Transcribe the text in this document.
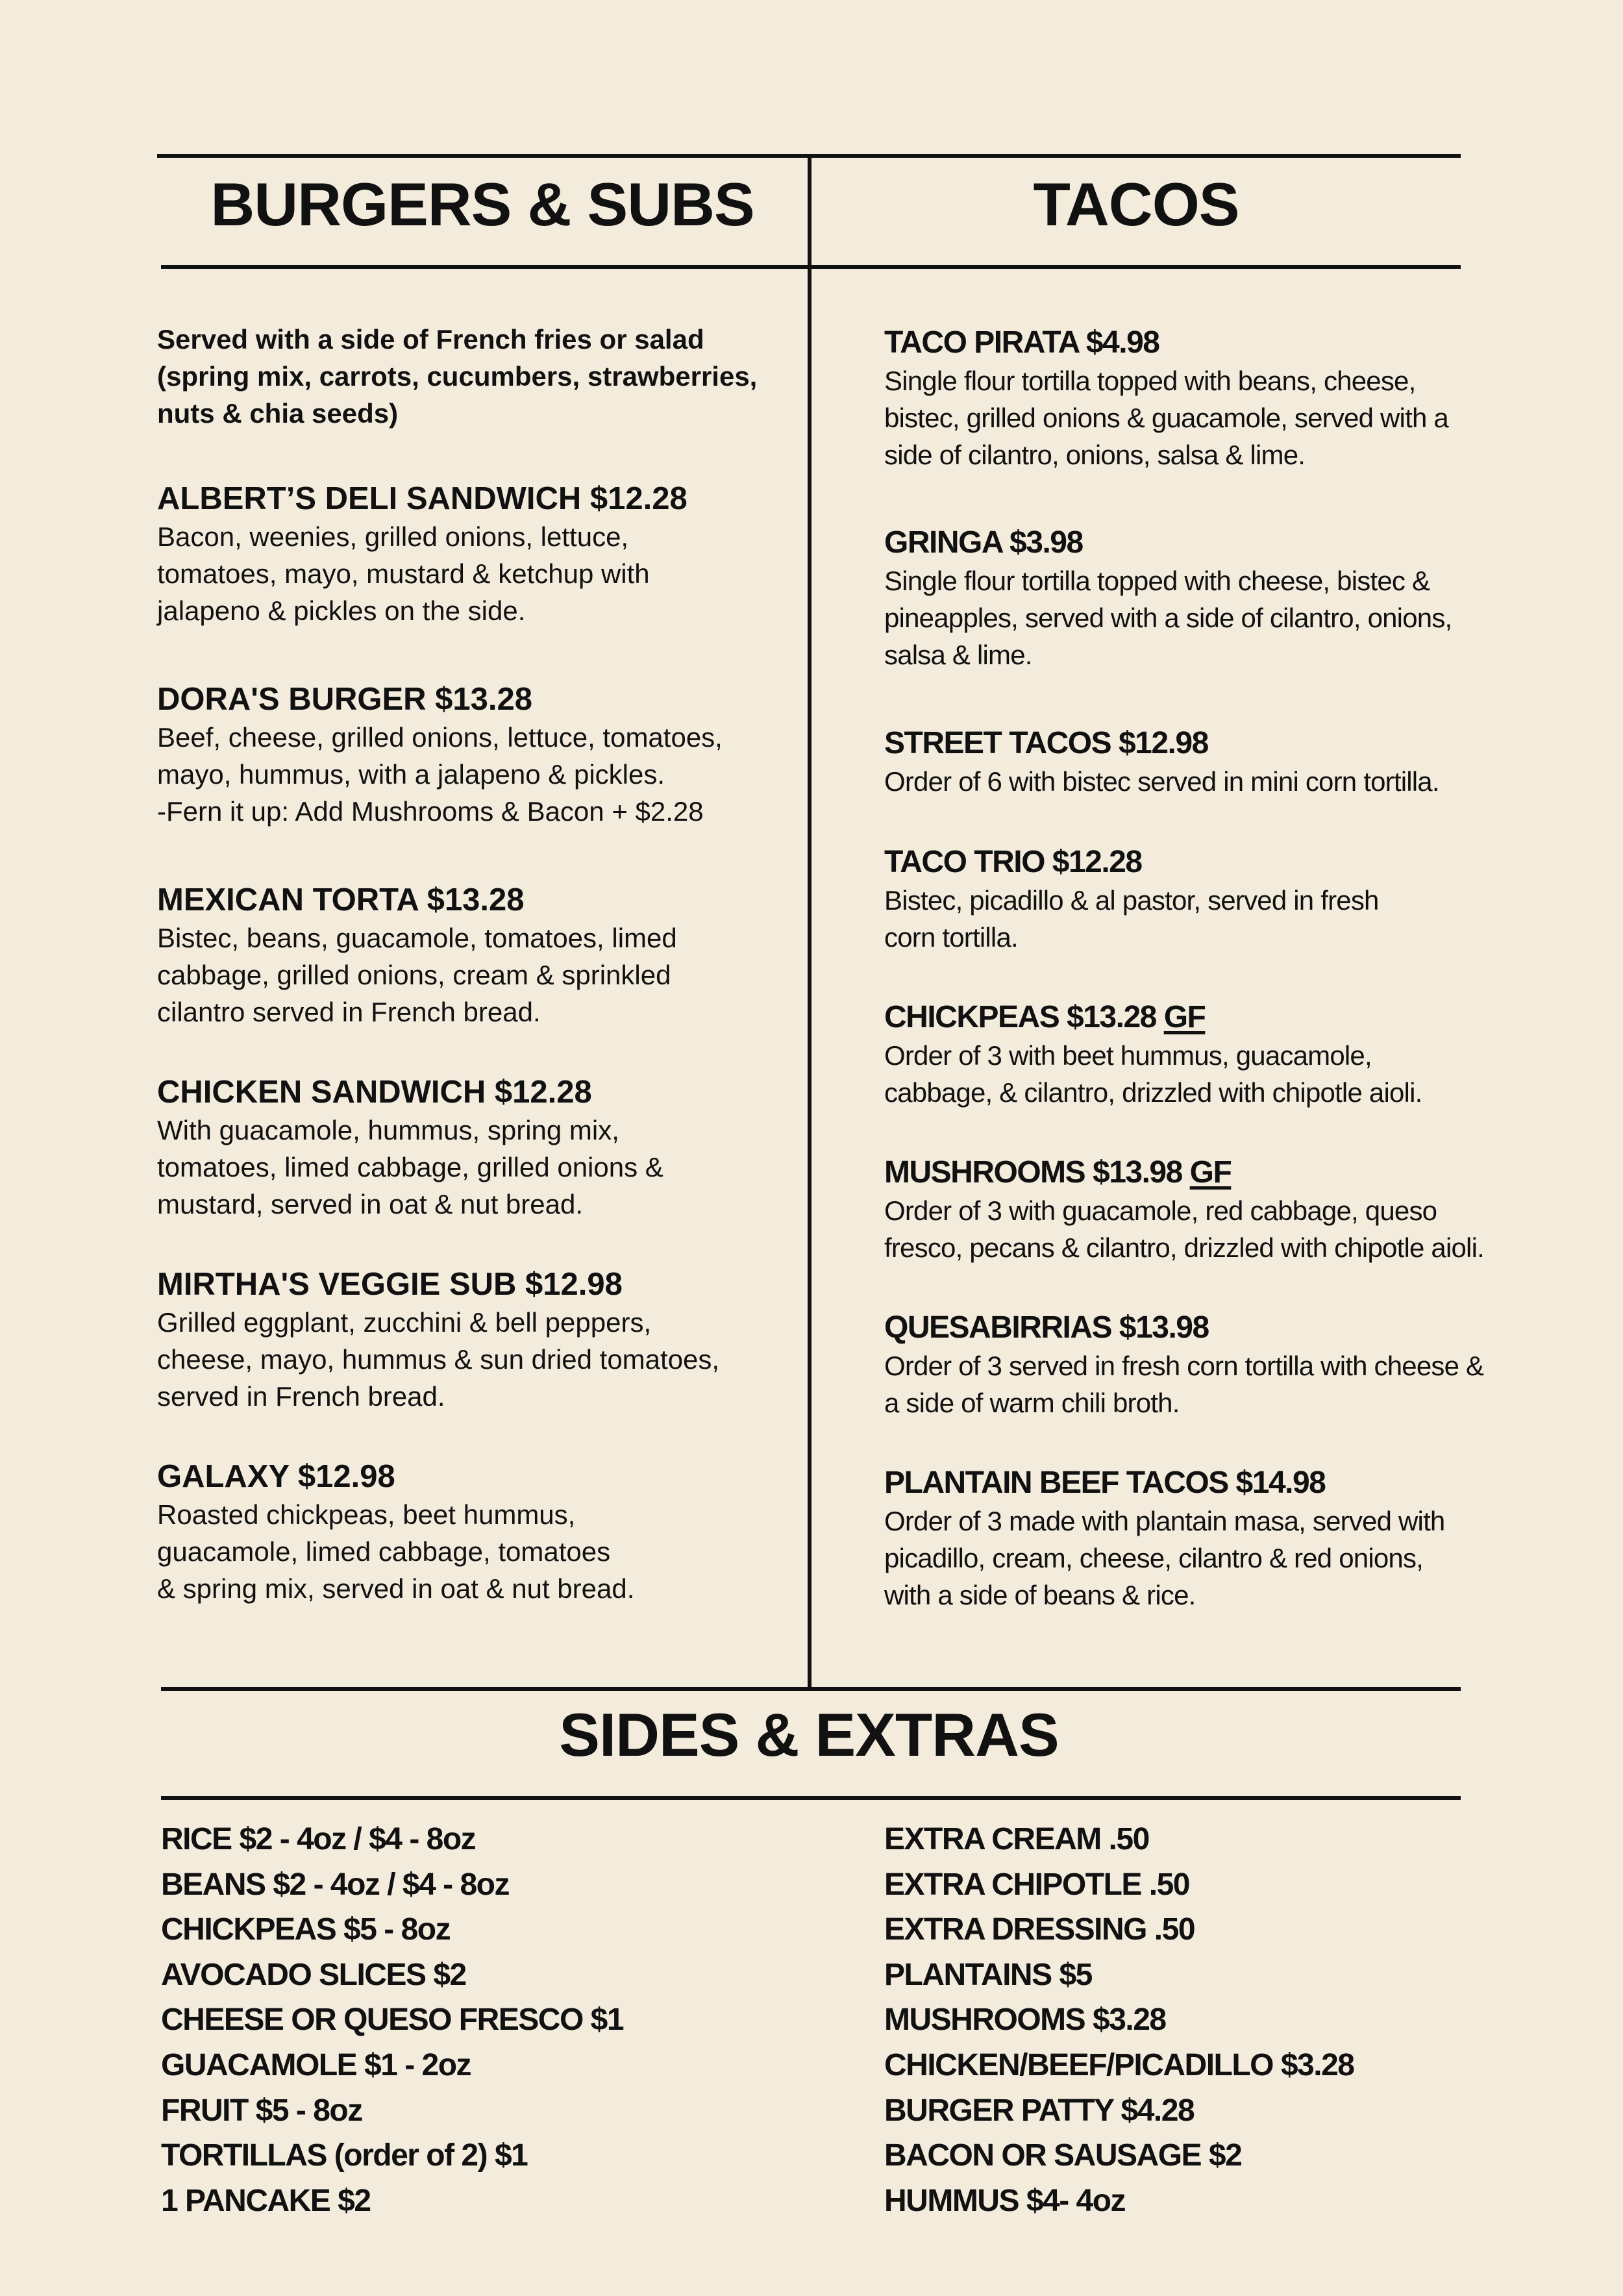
BURGERS & SUBS	TACOS
SIDES & EXTRAS
Served with a side of French fries or salad (spring mix, carrots, cucumbers, strawberries, nuts & chia seeds)
ALBERT’S DELI SANDWICH $12.28
Bacon, weenies, grilled onions, lettuce,
tomatoes, mayo, mustard & ketchup with
jalapeno & pickles on the side.
DORA'S BURGER $13.28
Beef, cheese, grilled onions, lettuce, tomatoes,
mayo, hummus, with a jalapeno & pickles.
-Fern it up: Add Mushrooms & Bacon + $2.28
MEXICAN TORTA $13.28
Bistec, beans, guacamole, tomatoes, limed
cabbage, grilled onions, cream & sprinkled
cilantro served in French bread.
CHICKEN SANDWICH $12.28
With guacamole, hummus, spring mix,
tomatoes, limed cabbage, grilled onions &
mustard, served in oat & nut bread.
MIRTHA'S VEGGIE SUB $12.98
Grilled eggplant, zucchini & bell peppers,
cheese, mayo, hummus & sun dried tomatoes,
served in French bread.
GALAXY $12.98
Roasted chickpeas, beet hummus,
guacamole, limed cabbage, tomatoes
& spring mix, served in oat & nut bread.
TACO PIRATA $4.98
Single flour tortilla topped with beans, cheese,
bistec, grilled onions & guacamole, served with a
side of cilantro, onions, salsa & lime.
GRINGA $3.98
Single flour tortilla topped with cheese, bistec &
pineapples, served with a side of cilantro, onions,
salsa & lime.
STREET TACOS $12.98
Order of 6 with bistec served in mini corn tortilla.
TACO TRIO $12.28
Bistec, picadillo & al pastor, served in fresh
corn tortilla.
CHICKPEAS $13.28 GF
Order of 3 with beet hummus, guacamole,
cabbage, & cilantro, drizzled with chipotle aioli.
MUSHROOMS $13.98 GF
Order of 3 with guacamole, red cabbage, queso
fresco, pecans & cilantro, drizzled with chipotle aioli.
QUESABIRRIAS $13.98
Order of 3 served in fresh corn tortilla with cheese &
a side of warm chili broth.
PLANTAIN BEEF TACOS $14.98
Order of 3 made with plantain masa, served with
picadillo, cream, cheese, cilantro & red onions,
with a side of beans & rice.
RICE $2 - 4oz / $4 - 8oz
BEANS $2 - 4oz / $4 - 8oz
CHICKPEAS $5 - 8oz
AVOCADO SLICES $2
CHEESE OR QUESO FRESCO $1
GUACAMOLE $1 - 2oz
FRUIT $5 - 8oz
TORTILLAS (order of 2) $1
1 PANCAKE $2
EXTRA CREAM .50
EXTRA CHIPOTLE .50
EXTRA DRESSING .50
PLANTAINS $5
MUSHROOMS $3.28
CHICKEN/BEEF/PICADILLO $3.28
BURGER PATTY $4.28
BACON OR SAUSAGE $2
HUMMUS $4- 4oz
